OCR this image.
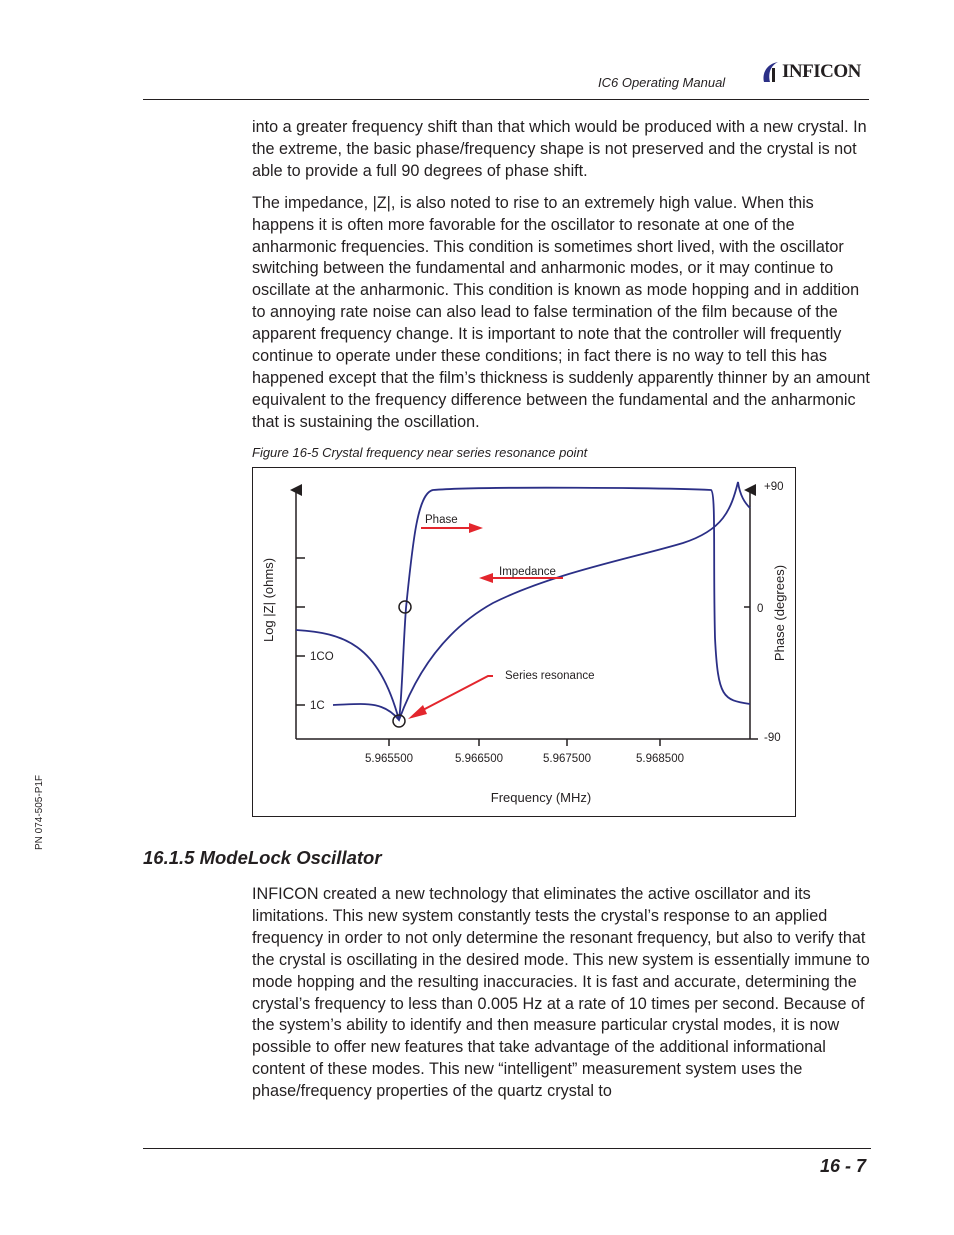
IC6 Operating Manual
INFICON
PN 074-505-P1F

into a greater frequency shift than that which would be produced with a new crystal. In the extreme, the basic phase/frequency shape is not preserved and the crystal is not able to provide a full 90 degrees of phase shift.

The impedance, |Z|, is also noted to rise to an extremely high value. When this happens it is often more favorable for the oscillator to resonate at one of the anharmonic frequencies. This condition is sometimes short lived, with the oscillator switching between the fundamental and anharmonic modes, or it may continue to oscillate at the anharmonic. This condition is known as mode hopping and in addition to annoying rate noise can also lead to false termination of the film because of the apparent frequency change. It is important to note that the controller will frequently continue to operate under these conditions; in fact there is no way to tell this has happened except that the film’s thickness is suddenly apparently thinner by an amount equivalent to the frequency difference between the fundamental and the anharmonic that is sustaining the oscillation.

Figure 16-5 Crystal frequency near series resonance point
Phase
Impedance
Series resonance
1CO
1C
+90
0
-90
5.965500	5.966500	5.967500	5.968500
Frequency (MHz)
Log |Z| (ohms)	Phase (degrees)
16.1.5 ModeLock Oscillator

INFICON created a new technology that eliminates the active oscillator and its limitations. This new system constantly tests the crystal’s response to an applied frequency in order to not only determine the resonant frequency, but also to verify that the crystal is oscillating in the desired mode. This new system is essentially immune to mode hopping and the resulting inaccuracies. It is fast and accurate, determining the crystal’s frequency to less than 0.005 Hz at a rate of 10 times per second. Because of the system’s ability to identify and then measure particular crystal modes, it is now possible to offer new features that take advantage of the additional informational content of these modes. This new “intelligent” measurement system uses the phase/frequency properties of the quartz crystal to

16 - 7
